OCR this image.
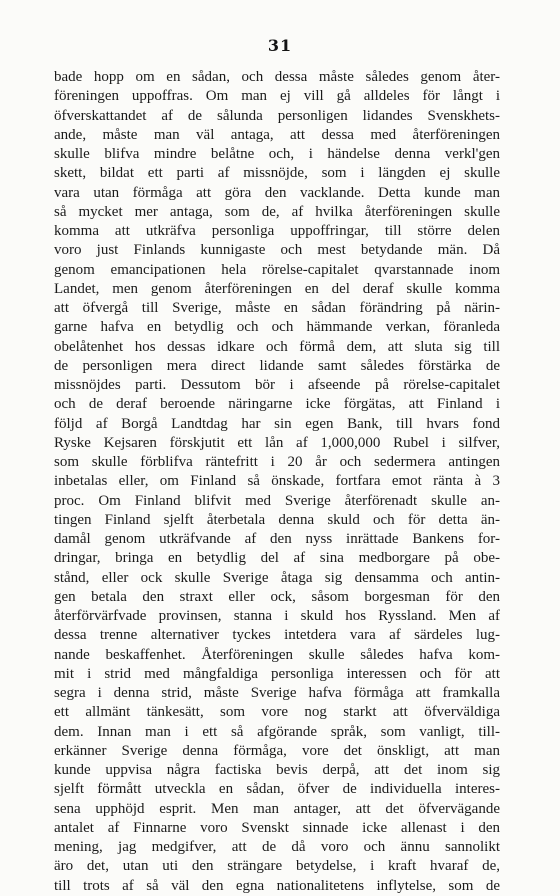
31
bade hopp om en sådan, och dessa måste således genom åter-
föreningen uppoffras. Om man ej vill gå alldeles för långt i
öfverskattandet af de sålunda personligen lidandes Svenskhets-
ande, måste man väl antaga, att dessa med återföreningen
skulle blifva mindre belåtne och, i händelse denna verkl'gen
skett, bildat ett parti af missnöjde, som i längden ej skulle
vara utan förmåga att göra den vacklande. Detta kunde man
så mycket mer antaga, som de, af hvilka återföreningen skulle
komma att utkräfva personliga uppoffringar, till större delen
voro just Finlands kunnigaste och mest betydande män. Då
genom emancipationen hela rörelse-capitalet qvarstannade inom
Landet, men genom återföreningen en del deraf skulle komma
att öfvergå till Sverige, måste en sådan förändring på närin-
garne hafva en betydlig och och hämmande verkan, föranleda
obelåtenhet hos dessas idkare och förmå dem, att sluta sig till
de personligen mera direct lidande samt således förstärka de
missnöjdes parti. Dessutom bör i afseende på rörelse-capitalet
och de deraf beroende näringarne icke förgätas, att Finland i
följd af Borgå Landtdag har sin egen Bank, till hvars fond
Ryske Kejsaren förskjutit ett lån af 1,000,000 Rubel i silfver,
som skulle förblifva räntefritt i 20 år och sedermera antingen
inbetalas eller, om Finland så önskade, fortfara emot ränta à 3
proc. Om Finland blifvit med Sverige återförenadt skulle an-
tingen Finland sjelft återbetala denna skuld och för detta än-
damål genom utkräfvande af den nyss inrättade Bankens for-
dringar, bringa en betydlig del af sina medborgare på obe-
stånd, eller ock skulle Sverige åtaga sig densamma och antin-
gen betala den straxt eller ock, såsom borgesman för den
återförvärfvade provinsen, stanna i skuld hos Ryssland. Men af
dessa trenne alternativer tyckes intetdera vara af särdeles lug-
nande beskaffenhet. Återföreningen skulle således hafva kom-
mit i strid med mångfaldiga personliga interessen och för att
segra i denna strid, måste Sverige hafva förmåga att framkalla
ett allmänt tänkesätt, som vore nog starkt att öfverväldiga
dem. Innan man i ett så afgörande språk, som vanligt, till-
erkänner Sverige denna förmåga, vore det önskligt, att man
kunde uppvisa några factiska bevis derpå, att det inom sig
sjelft förmått utveckla en sådan, öfver de individuella interes-
sena upphöjd esprit. Men man antager, att det öfvervägande
antalet af Finnarne voro Svenskt sinnade icke allenast i den
mening, jag medgifver, att de då voro och ännu sannolikt
äro det, utan uti den strängare betydelse, i kraft hvaraf de,
till trots af så väl den egna nationalitetens inflytelse, som de
